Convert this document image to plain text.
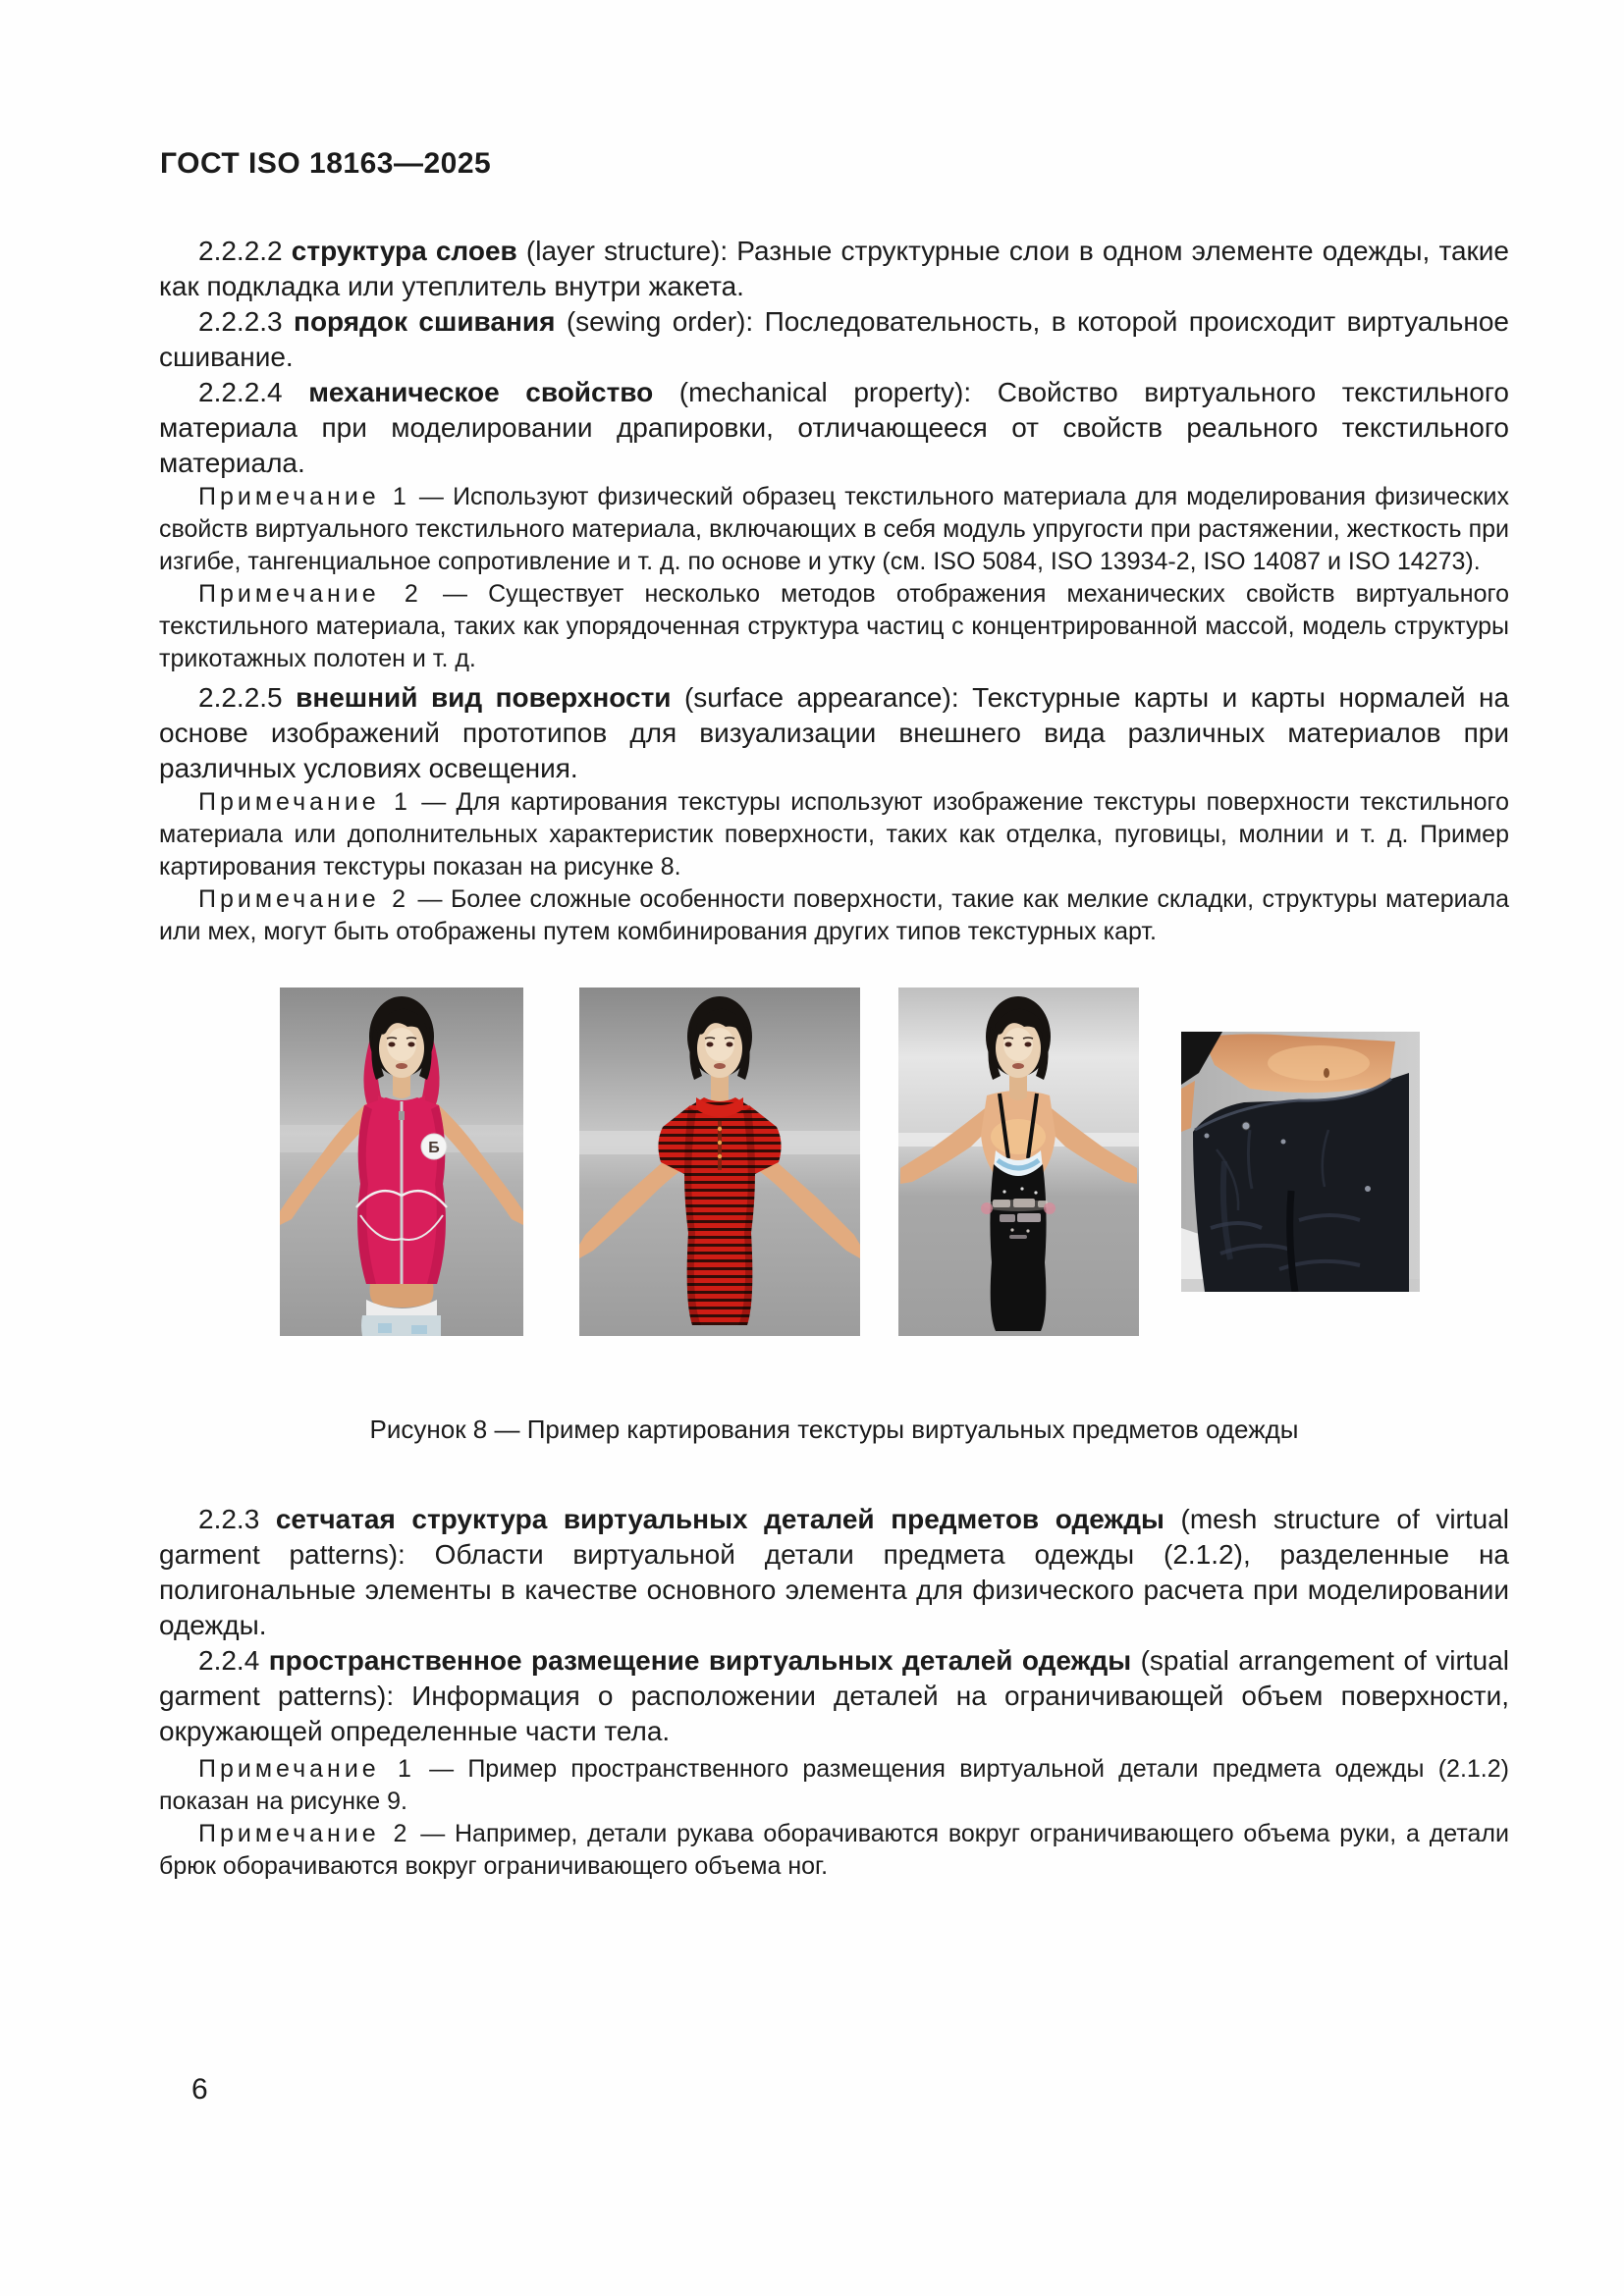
ГОСТ ISO 18163—2025

2.2.2.2 структура слоев (layer structure): Разные структурные слои в одном элементе одежды, такие как подкладка или утеплитель внутри жакета.

2.2.2.3 порядок сшивания (sewing order): Последовательность, в которой происходит виртуальное сшивание.

2.2.2.4 механическое свойство (mechanical property): Свойство виртуального текстильного материала при моделировании драпировки, отличающееся от свойств реального текстильного материала.

Примечание 1 — Используют физический образец текстильного материала для моделирования физических свойств виртуального текстильного материала, включающих в себя модуль упругости при растяжении, жесткость при изгибе, тангенциальное сопротивление и т. д. по основе и утку (см. ISO 5084, ISO 13934-2, ISO 14087 и ISO 14273).

Примечание 2 — Существует несколько методов отображения механических свойств виртуального текстильного материала, таких как упорядоченная структура частиц с концентрированной массой, модель структуры трикотажных полотен и т. д.

2.2.2.5 внешний вид поверхности (surface appearance): Текстурные карты и карты нормалей на основе изображений прототипов для визуализации внешнего вида различных материалов при различных условиях освещения.

Примечание 1 — Для картирования текстуры используют изображение текстуры поверхности текстильного материала или дополнительных характеристик поверхности, таких как отделка, пуговицы, молнии и т. д. Пример картирования текстуры показан на рисунке 8.

Примечание 2 — Более сложные особенности поверхности, такие как мелкие складки, структуры материала или мех, могут быть отображены путем комбинирования других типов текстурных карт.

Б

Рисунок 8 — Пример картирования текстуры виртуальных предметов одежды

2.2.3 сетчатая структура виртуальных деталей предметов одежды (mesh structure of virtual garment patterns): Области виртуальной детали предмета одежды (2.1.2), разделенные на полигональные элементы в качестве основного элемента для физического расчета при моделировании одежды.

2.2.4 пространственное размещение виртуальных деталей одежды (spatial arrangement of virtual garment patterns): Информация о расположении деталей на ограничивающей объем поверхности, окружающей определенные части тела.

Примечание 1 — Пример пространственного размещения виртуальной детали предмета одежды (2.1.2) показан на рисунке 9.

Примечание 2 — Например, детали рукава оборачиваются вокруг ограничивающего объема руки, а детали брюк оборачиваются вокруг ограничивающего объема ног.

6
